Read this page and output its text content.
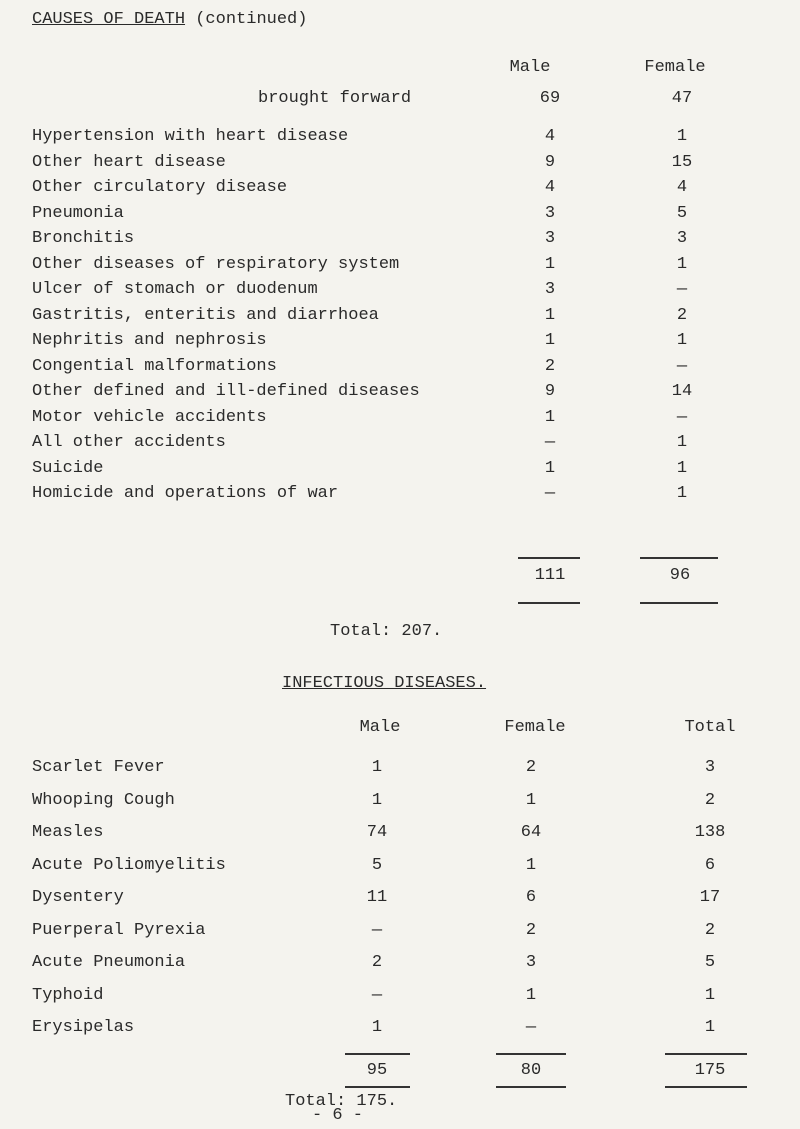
CAUSES OF DEATH (continued)
Male	Female
brought forward	69	47
Hypertension with heart disease	4	1
Other heart disease	9	15
Other circulatory disease	4	4
Pneumonia	3	5
Bronchitis	3	3
Other diseases of respiratory system	1	1
Ulcer of stomach or duodenum	3	—
Gastritis, enteritis and diarrhoea	1	2
Nephritis and nephrosis	1	1
Congential malformations	2	—
Other defined and ill-defined diseases	9	14
Motor vehicle accidents	1	—
All other accidents	—	1
Suicide	1	1
Homicide and operations of war	—	1
111	96
Total: 207.
INFECTIOUS DISEASES.
Male	Female	Total
Scarlet Fever	1	2	3
Whooping Cough	1	1	2
Measles	74	64	138
Acute Poliomyelitis	5	1	6
Dysentery	11	6	17
Puerperal Pyrexia	—	2	2
Acute Pneumonia	2	3	5
Typhoid	—	1	1
Erysipelas	1	—	1
95	80	175
Total: 175.
- 6 -
